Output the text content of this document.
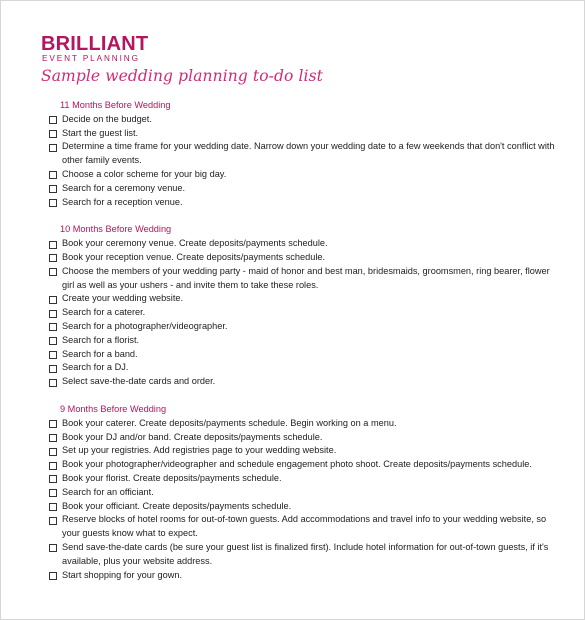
BRILLIANT
EVENT PLANNING
Sample wedding planning to-do list
11 Months Before Wedding
Decide on the budget.
Start the guest list.
Determine a time frame for your wedding date. Narrow down your wedding date to a few weekends that don't conflict with other family events.
Choose a color scheme for your big day.
Search for a ceremony venue.
Search for a reception venue.
10 Months Before Wedding
Book your ceremony venue. Create deposits/payments schedule.
Book your reception venue. Create deposits/payments schedule.
Choose the members of your wedding party - maid of honor and best man, bridesmaids, groomsmen, ring bearer, flower girl as well as your ushers - and invite them to take these roles.
Create your wedding website.
Search for a caterer.
Search for a photographer/videographer.
Search for a florist.
Search for a band.
Search for a DJ.
Select save-the-date cards and order.
9 Months Before Wedding
Book your caterer. Create deposits/payments schedule. Begin working on a menu.
Book your DJ and/or band. Create deposits/payments schedule.
Set up your registries. Add registries page to your wedding website.
Book your photographer/videographer and schedule engagement photo shoot. Create deposits/payments schedule.
Book your florist. Create deposits/payments schedule.
Search for an officiant.
Book your officiant. Create deposits/payments schedule.
Reserve blocks of hotel rooms for out-of-town guests. Add accommodations and travel info to your wedding website, so your guests know what to expect.
Send save-the-date cards (be sure your guest list is finalized first). Include hotel information for out-of-town guests, if it's available, plus your website address.
Start shopping for your gown.
